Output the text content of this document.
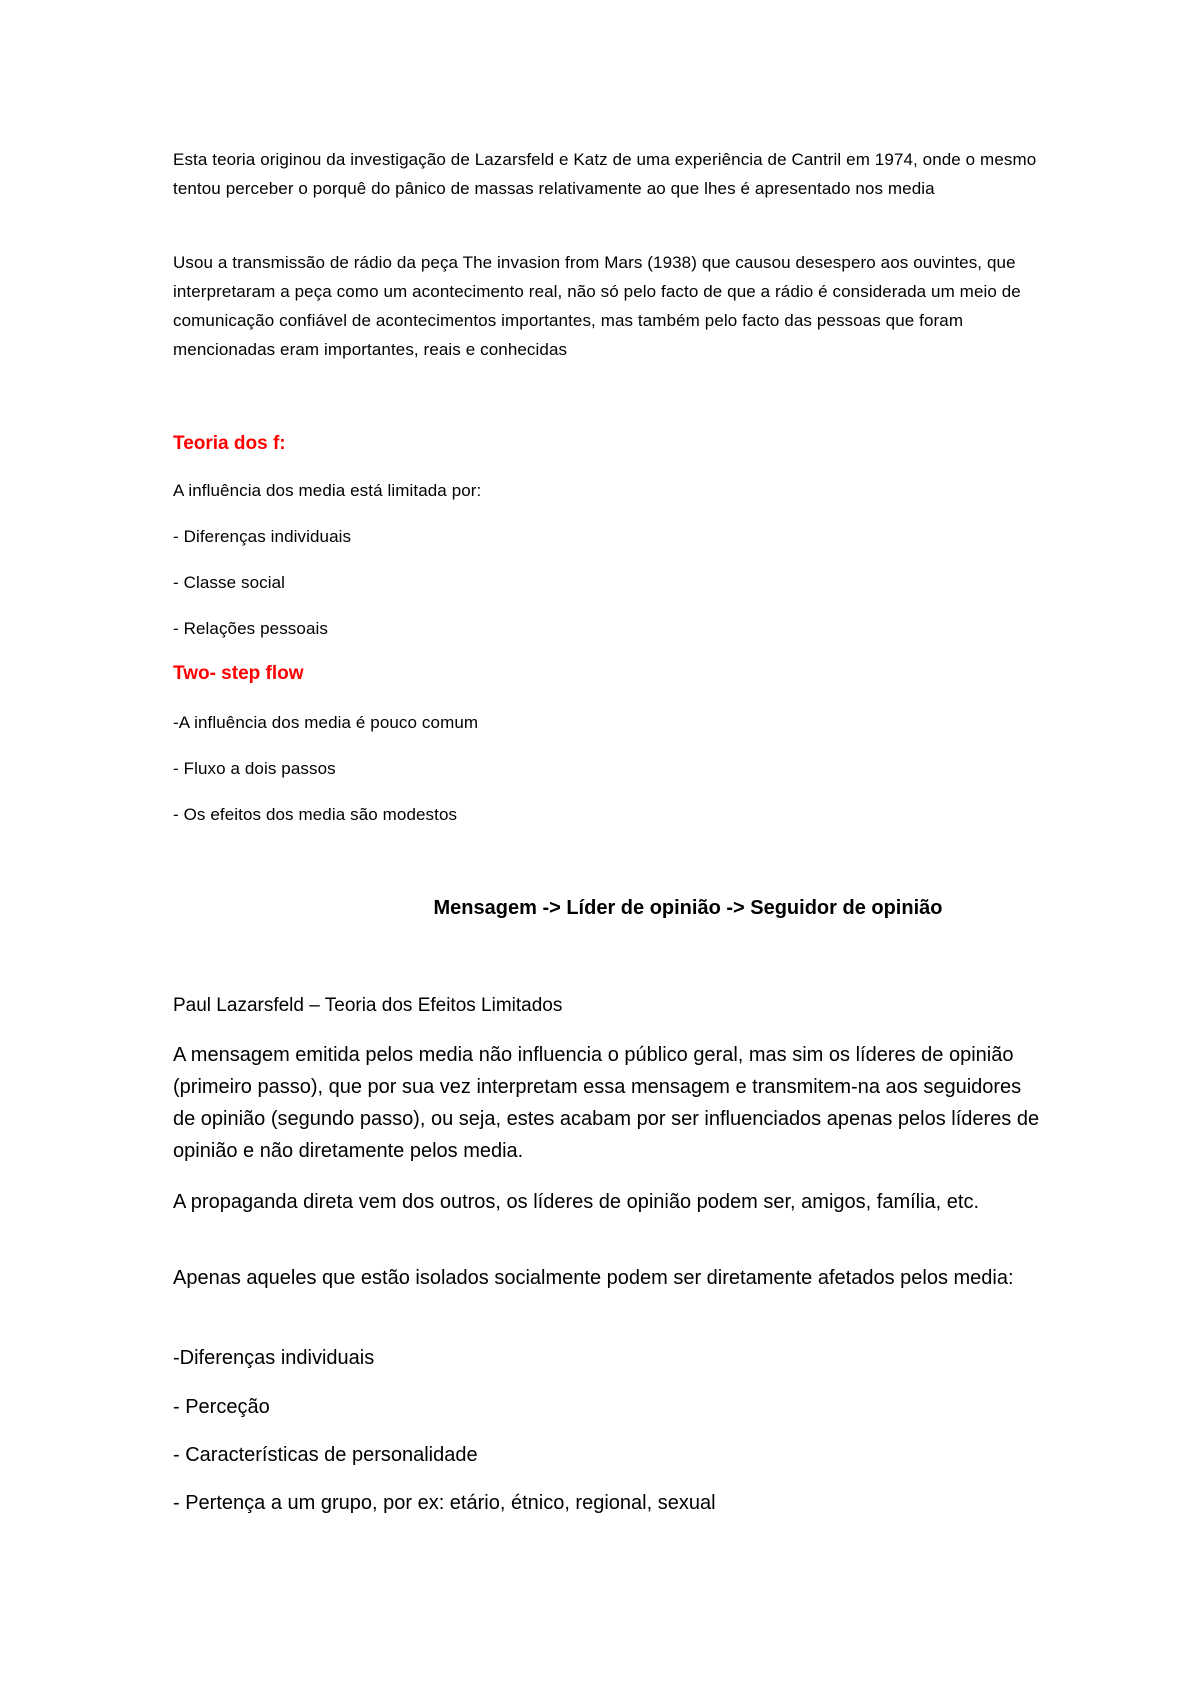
Esta teoria originou da investigação de Lazarsfeld e Katz de uma experiência de Cantril em 1974, onde o mesmo tentou perceber o porquê do pânico de massas relativamente ao que lhes é apresentado nos media

Usou a transmissão de rádio da peça The invasion from Mars (1938) que causou desespero aos ouvintes, que interpretaram a peça como um acontecimento real, não só pelo facto de que a rádio é considerada um meio de comunicação confiável de acontecimentos importantes, mas também pelo facto das pessoas que foram mencionadas eram importantes, reais e conhecidas

Teoria dos f:

A influência dos media está limitada por:

- Diferenças individuais

- Classe social

- Relações pessoais

Two- step flow

-A influência dos media é pouco comum

- Fluxo a dois passos

- Os efeitos dos media são modestos

Mensagem -> Líder de opinião -> Seguidor de opinião

Paul Lazarsfeld – Teoria dos Efeitos Limitados

A mensagem emitida pelos media não influencia o público geral, mas sim os líderes de opinião (primeiro passo), que por sua vez interpretam essa mensagem e transmitem-na aos seguidores de opinião (segundo passo), ou seja, estes acabam por ser influenciados apenas pelos líderes de opinião e não diretamente pelos media.

A propaganda direta vem dos outros, os líderes de opinião podem ser, amigos, família, etc.

Apenas aqueles que estão isolados socialmente podem ser diretamente afetados pelos media:

-Diferenças individuais

- Perceção

- Características de personalidade

- Pertença a um grupo, por ex: etário, étnico, regional, sexual
